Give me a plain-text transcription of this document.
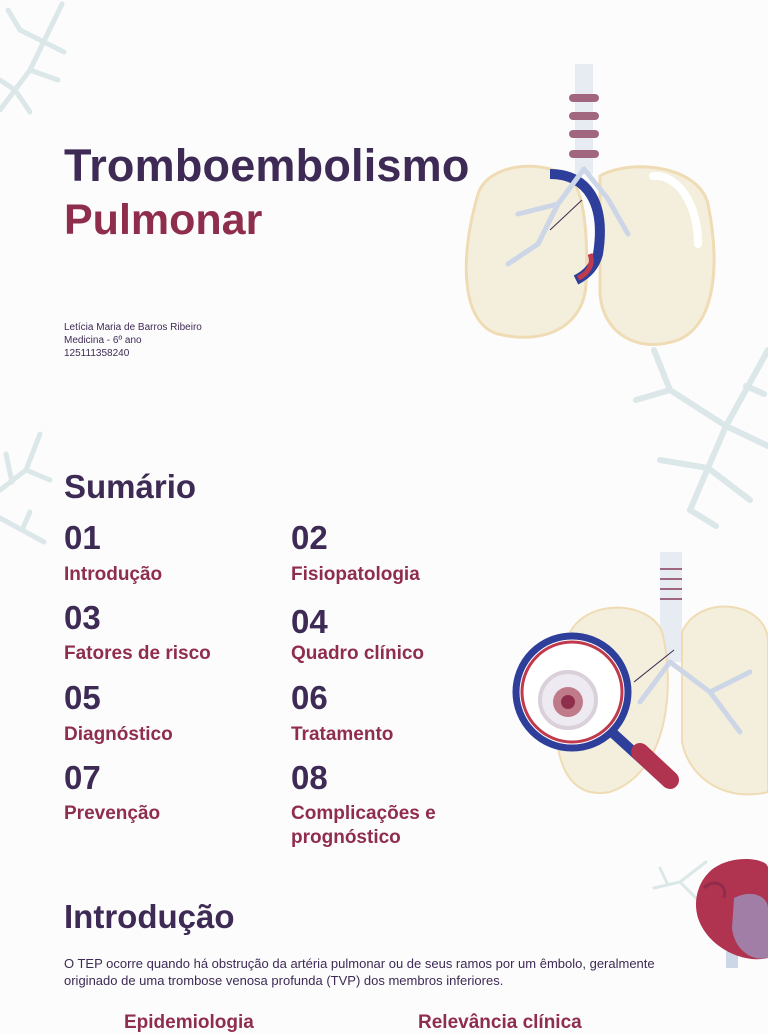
Tromboembolismo
Pulmonar
Letícia Maria de Barros Ribeiro
Medicina - 6º ano
125111358240
Sumário
01
Introdução
02
Fisiopatologia
03
Fatores de risco
04
Quadro clínico
05
Diagnóstico
06
Tratamento
07
Prevenção
08
Complicações e prognóstico
Introdução
O TEP ocorre quando há obstrução da artéria pulmonar ou de seus ramos por um êmbolo, geralmente originado de uma trombose venosa profunda (TVP) dos membros inferiores.
Epidemiologia	Relevância clínica
